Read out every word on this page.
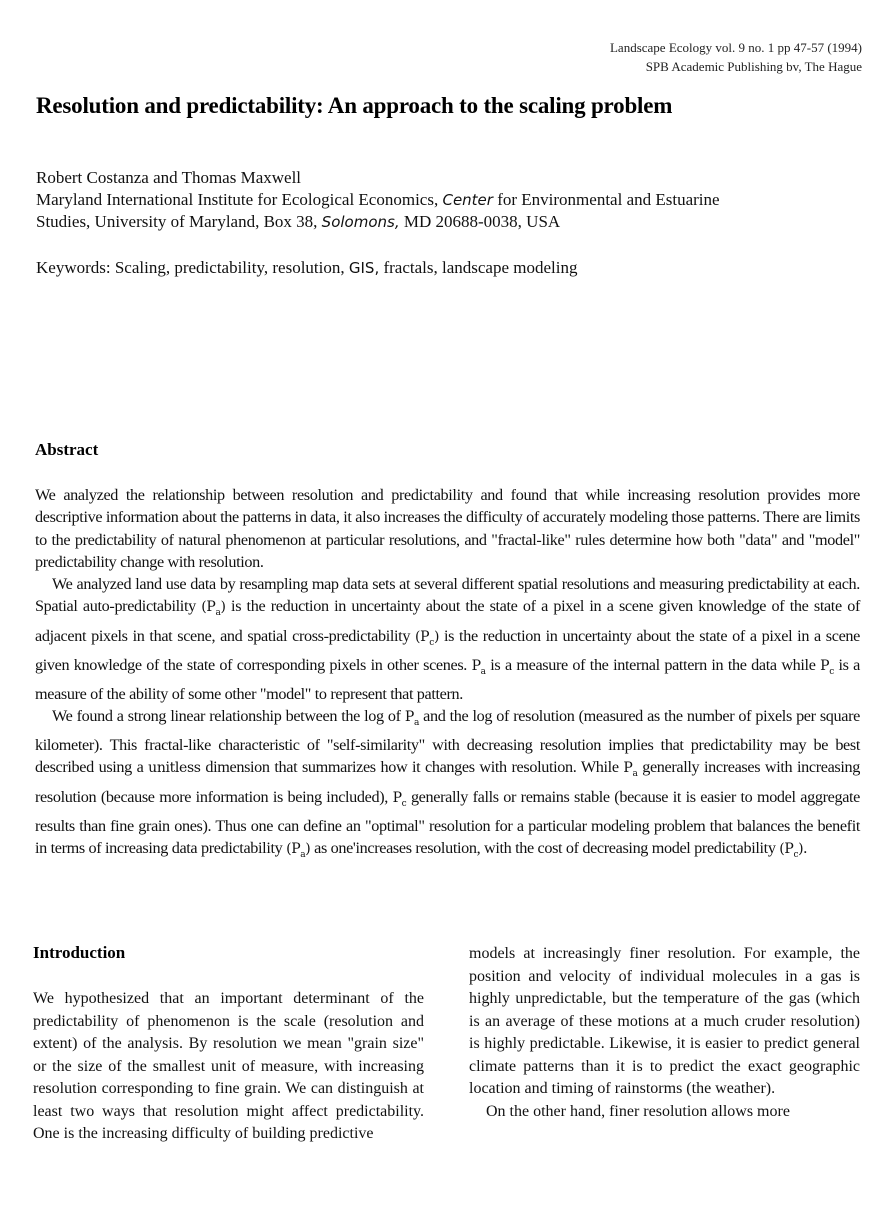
Landscape Ecology vol. 9 no. 1 pp 47-57 (1994)
SPB Academic Publishing bv, The Hague
Resolution and predictability: An approach to the scaling problem
Robert Costanza and Thomas Maxwell
Maryland International Institute for Ecological Economics, Center for Environmental and Estuarine
Studies, University of Maryland, Box 38, Solomons, MD 20688-0038, USA
Keywords: Scaling, predictability, resolution, GIS, fractals, landscape modeling
Abstract

We analyzed the relationship between resolution and predictability and found that while increasing resolution provides more descriptive information about the patterns in data, it also increases the difficulty of accurately modeling those patterns. There are limits to the predictability of natural phenomenon at particular resolutions, and "fractal-like" rules determine how both "data" and "model" predictability change with resolution.

We analyzed land use data by resampling map data sets at several different spatial resolutions and measuring predictability at each. Spatial auto-predictability $(P_a)$ is the reduction in uncertainty about the state of a pixel in a scene given knowledge of the state of adjacent pixels in that scene, and spatial cross-predictability $(P_c)$ is the reduction in uncertainty about the state of a pixel in a scene given knowledge of the state of corresponding pixels in other scenes. $P_a$ is a measure of the internal pattern in the data while $P_c$ is a measure of the ability of some other "model" to represent that pattern.

We found a strong linear relationship between the log of $P_a$ and the log of resolution (measured as the number of pixels per square kilometer). This fractal-like characteristic of "self-similarity" with decreasing resolution implies that predictability may be best described using a unitless dimension that summarizes how it changes with resolution. While $P_a$ generally increases with increasing resolution (because more information is being included), $P_c$ generally falls or remains stable (because it is easier to model aggregate results than fine grain ones). Thus one can define an "optimal" resolution for a particular modeling problem that balances the benefit in terms of increasing data predictability $(P_a)$ as one'increases resolution, with the cost of decreasing model predictability $(P_c)$.

Introduction

We hypothesized that an important determinant of the predictability of phenomenon is the scale (resolution and extent) of the analysis. By resolution we mean "grain size" or the size of the smallest unit of measure, with increasing resolution corresponding to fine grain. We can distinguish at least two ways that resolution might affect predictability. One is the increasing difficulty of building predictive

models at increasingly finer resolution. For example, the position and velocity of individual molecules in a gas is highly unpredictable, but the temperature of the gas (which is an average of these motions at a much cruder resolution) is highly predictable. Likewise, it is easier to predict general climate patterns than it is to predict the exact geographic location and timing of rainstorms (the weather).

On the other hand, finer resolution allows more
